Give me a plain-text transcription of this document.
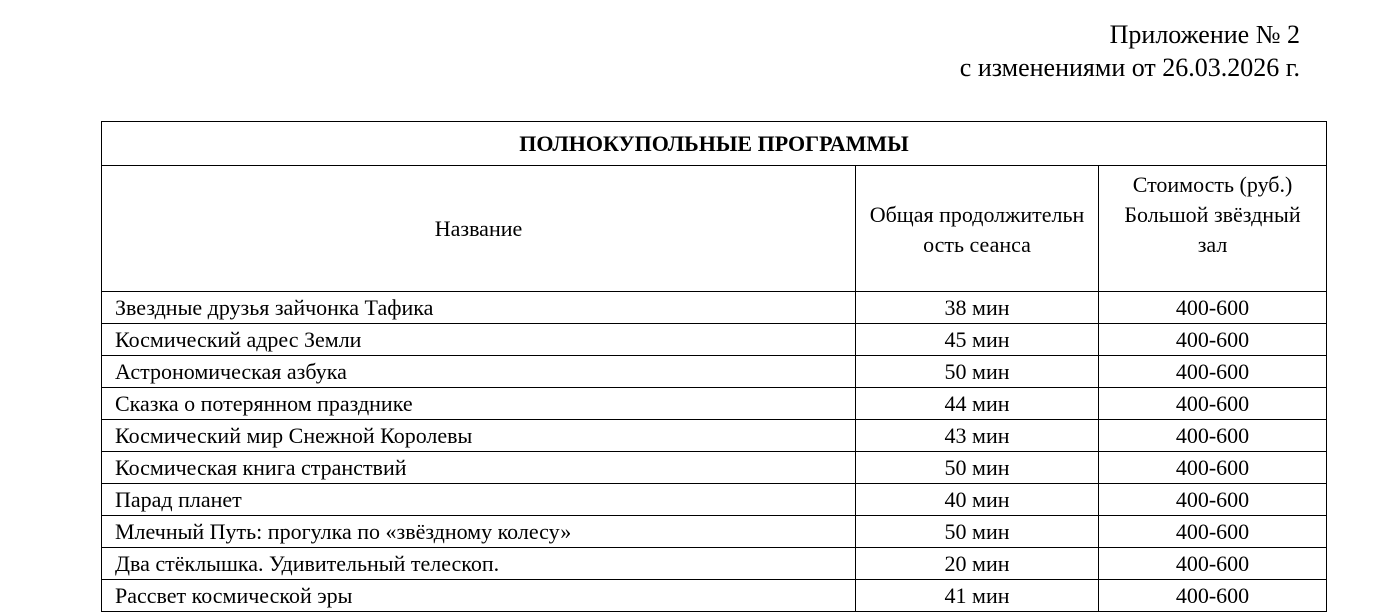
Приложение № 2
с изменениями от 26.03.2026 г.
ПОЛНОКУПОЛЬНЫЕ ПРОГРАММЫ		
Название	Общая продолжительность сеанса	Стоимость (руб.) Большой звёздный зал

Звездные друзья зайчонка Тафика	38 мин	400-600
Космический адрес Земли	45 мин	400-600
Астрономическая азбука	50 мин	400-600
Сказка о потерянном празднике	44 мин	400-600
Космический мир Снежной Королевы	43 мин	400-600
Космическая книга странствий	50 мин	400-600
Парад планет	40 мин	400-600
Млечный Путь: прогулка по «звёздному колесу»	50 мин	400-600
Два стёклышка. Удивительный телескоп.	20 мин	400-600
Рассвет космической эры	41 мин	400-600
